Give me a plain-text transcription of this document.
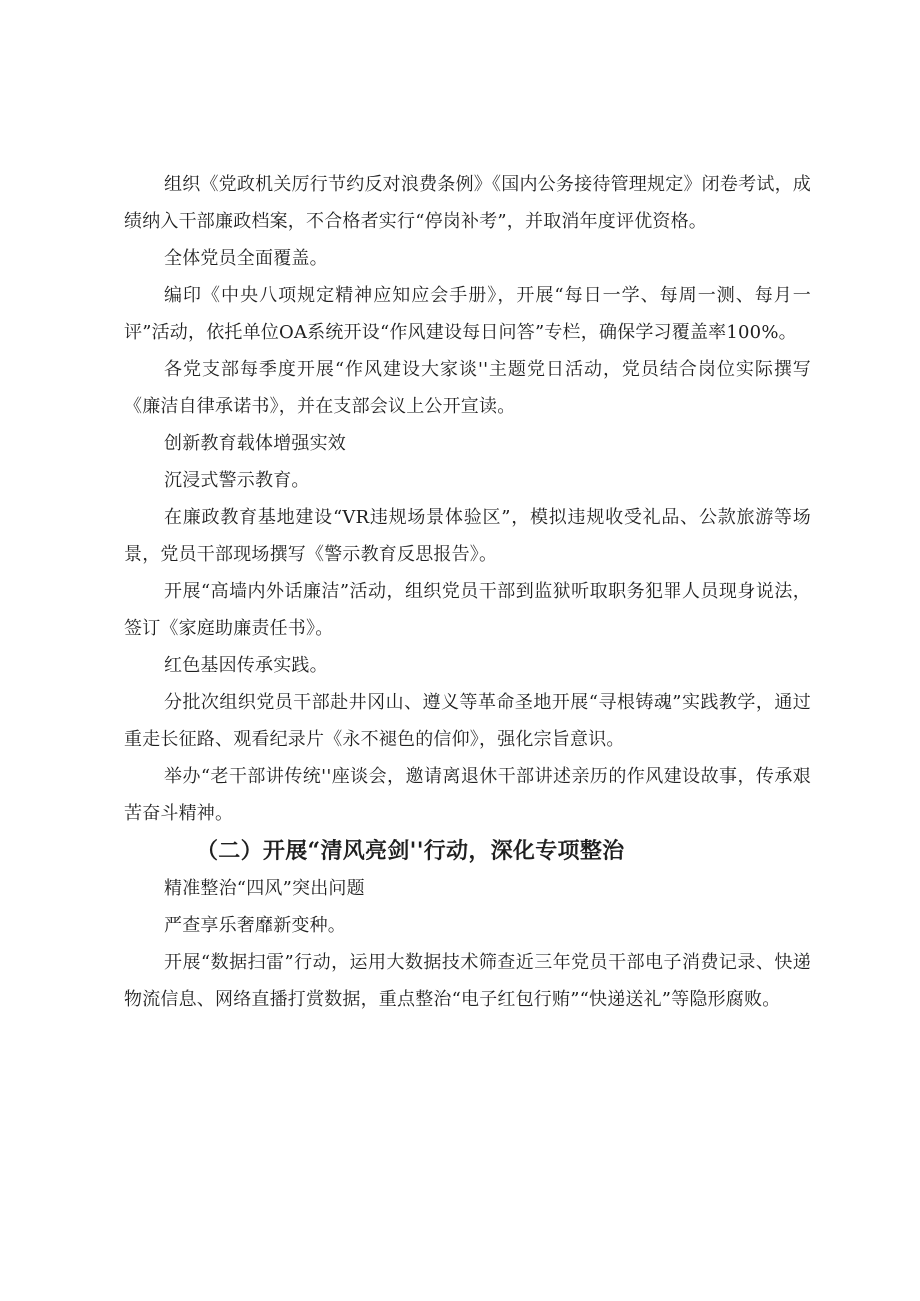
组织《党政机关厉行节约反对浪费条例》《国内公务接待管理规定》闭卷考试，成绩纳入干部廉政档案，不合格者实行“停岗补考”，并取消年度评优资格。

全体党员全面覆盖。

编印《中央八项规定精神应知应会手册》，开展“每日一学、每周一测、每月一评”活动，依托单位OA系统开设“作风建设每日问答”专栏，确保学习覆盖率100%。

各党支部每季度开展“作风建设大家谈''主题党日活动，党员结合岗位实际撰写《廉洁自律承诺书》，并在支部会议上公开宣读。

创新教育载体增强实效

沉浸式警示教育。

在廉政教育基地建设“VR违规场景体验区”，模拟违规收受礼品、公款旅游等场景，党员干部现场撰写《警示教育反思报告》。

开展“高墙内外话廉洁”活动，组织党员干部到监狱听取职务犯罪人员现身说法，签订《家庭助廉责任书》。

红色基因传承实践。

分批次组织党员干部赴井冈山、遵义等革命圣地开展“寻根铸魂”实践教学，通过重走长征路、观看纪录片《永不褪色的信仰》，强化宗旨意识。

举办“老干部讲传统''座谈会，邀请离退休干部讲述亲历的作风建设故事，传承艰苦奋斗精神。

（二）开展“清风亮剑''行动，深化专项整治

精准整治“四风”突出问题

严查享乐奢靡新变种。

开展“数据扫雷”行动，运用大数据技术筛查近三年党员干部电子消费记录、快递物流信息、网络直播打赏数据，重点整治“电子红包行贿”“快递送礼”等隐形腐败。
